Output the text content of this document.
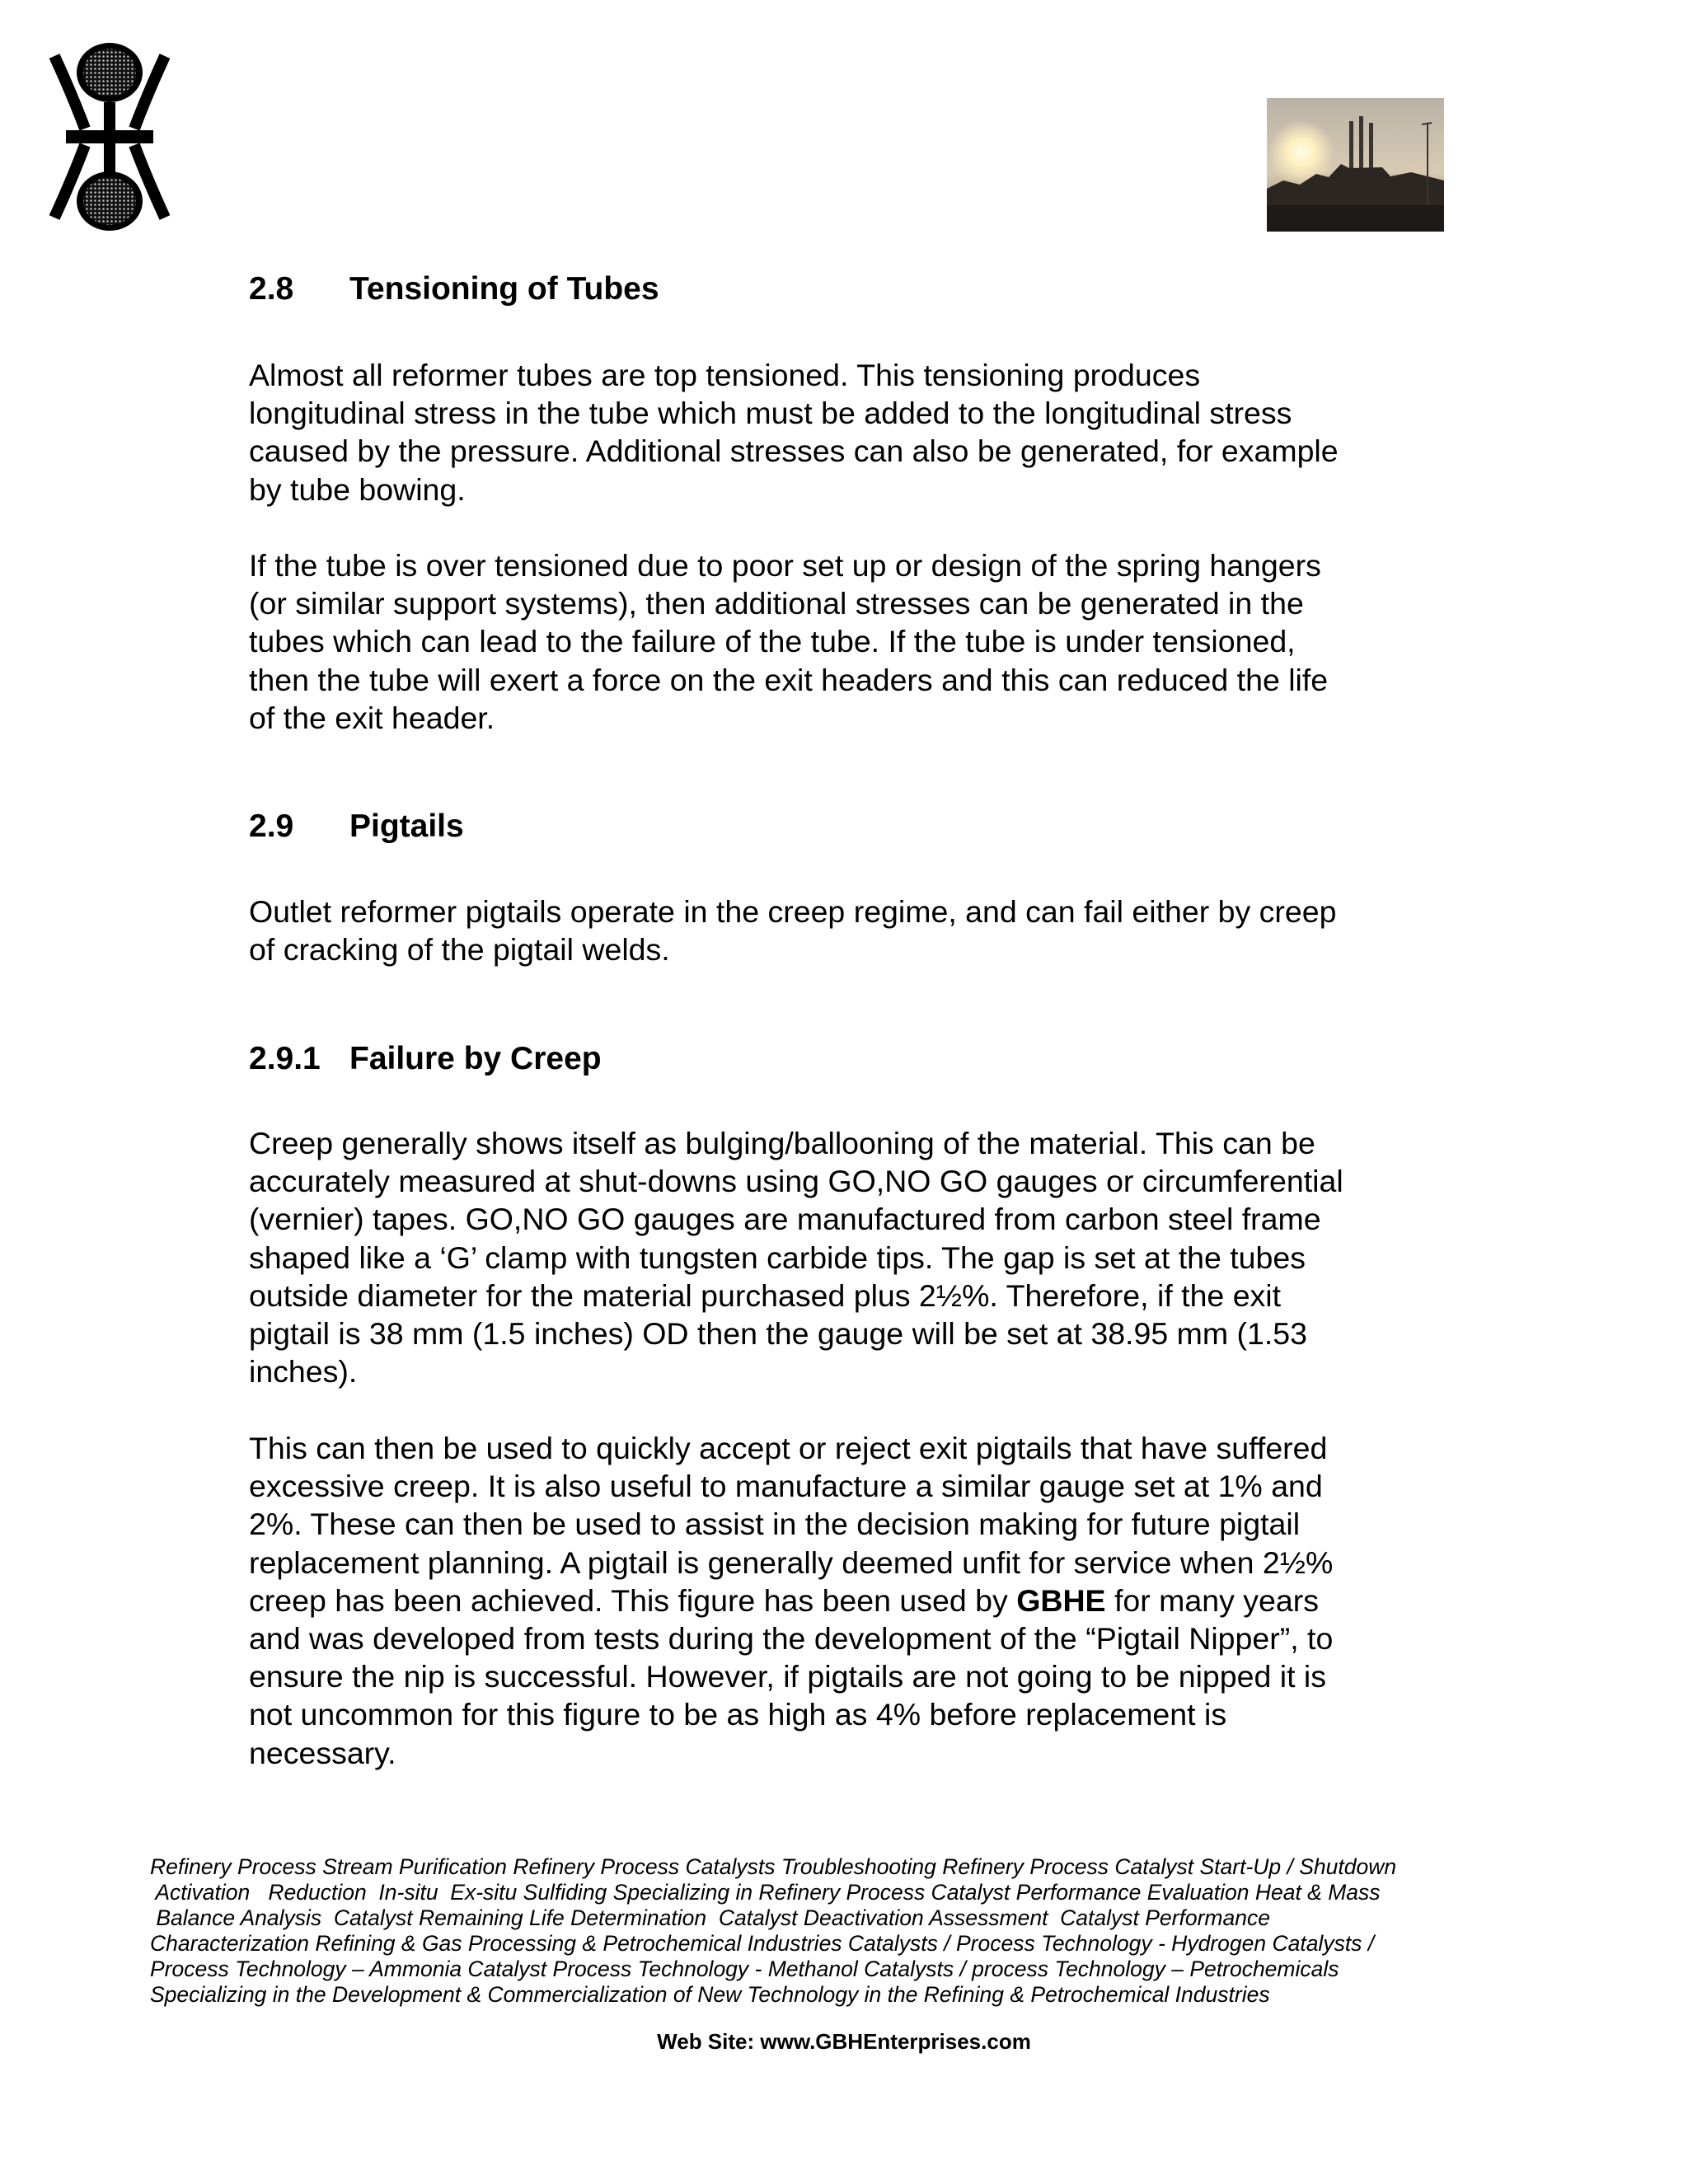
2.8 Tensioning of Tubes

Almost all reformer tubes are top tensioned. This tensioning produces
longitudinal stress in the tube which must be added to the longitudinal stress
caused by the pressure. Additional stresses can also be generated, for example
by tube bowing.

If the tube is over tensioned due to poor set up or design of the spring hangers
(or similar support systems), then additional stresses can be generated in the
tubes which can lead to the failure of the tube. If the tube is under tensioned,
then the tube will exert a force on the exit headers and this can reduced the life
of the exit header.

2.9 Pigtails

Outlet reformer pigtails operate in the creep regime, and can fail either by creep
of cracking of the pigtail welds.

2.9.1 Failure by Creep

Creep generally shows itself as bulging/ballooning of the material. This can be
accurately measured at shut-downs using GO,NO GO gauges or circumferential
(vernier) tapes. GO,NO GO gauges are manufactured from carbon steel frame
shaped like a ‘G’ clamp with tungsten carbide tips. The gap is set at the tubes
outside diameter for the material purchased plus 2½%. Therefore, if the exit
pigtail is 38 mm (1.5 inches) OD then the gauge will be set at 38.95 mm (1.53
inches).

This can then be used to quickly accept or reject exit pigtails that have suffered
excessive creep. It is also useful to manufacture a similar gauge set at 1% and
2%. These can then be used to assist in the decision making for future pigtail
replacement planning. A pigtail is generally deemed unfit for service when 2½%
creep has been achieved. This figure has been used by GBHE for many years
and was developed from tests during the development of the “Pigtail Nipper”, to
ensure the nip is successful. However, if pigtails are not going to be nipped it is
not uncommon for this figure to be as high as 4% before replacement is
necessary.

Refinery Process Stream Purification Refinery Process Catalysts Troubleshooting Refinery Process Catalyst Start-Up / Shutdown
Activation   Reduction  In-situ  Ex-situ Sulfiding Specializing in Refinery Process Catalyst Performance Evaluation Heat & Mass
Balance Analysis  Catalyst Remaining Life Determination  Catalyst Deactivation Assessment  Catalyst Performance
Characterization Refining & Gas Processing & Petrochemical Industries Catalysts / Process Technology - Hydrogen Catalysts /
Process Technology – Ammonia Catalyst Process Technology - Methanol Catalysts / process Technology – Petrochemicals
Specializing in the Development & Commercialization of New Technology in the Refining & Petrochemical Industries
Web Site: www.GBHEnterprises.com
